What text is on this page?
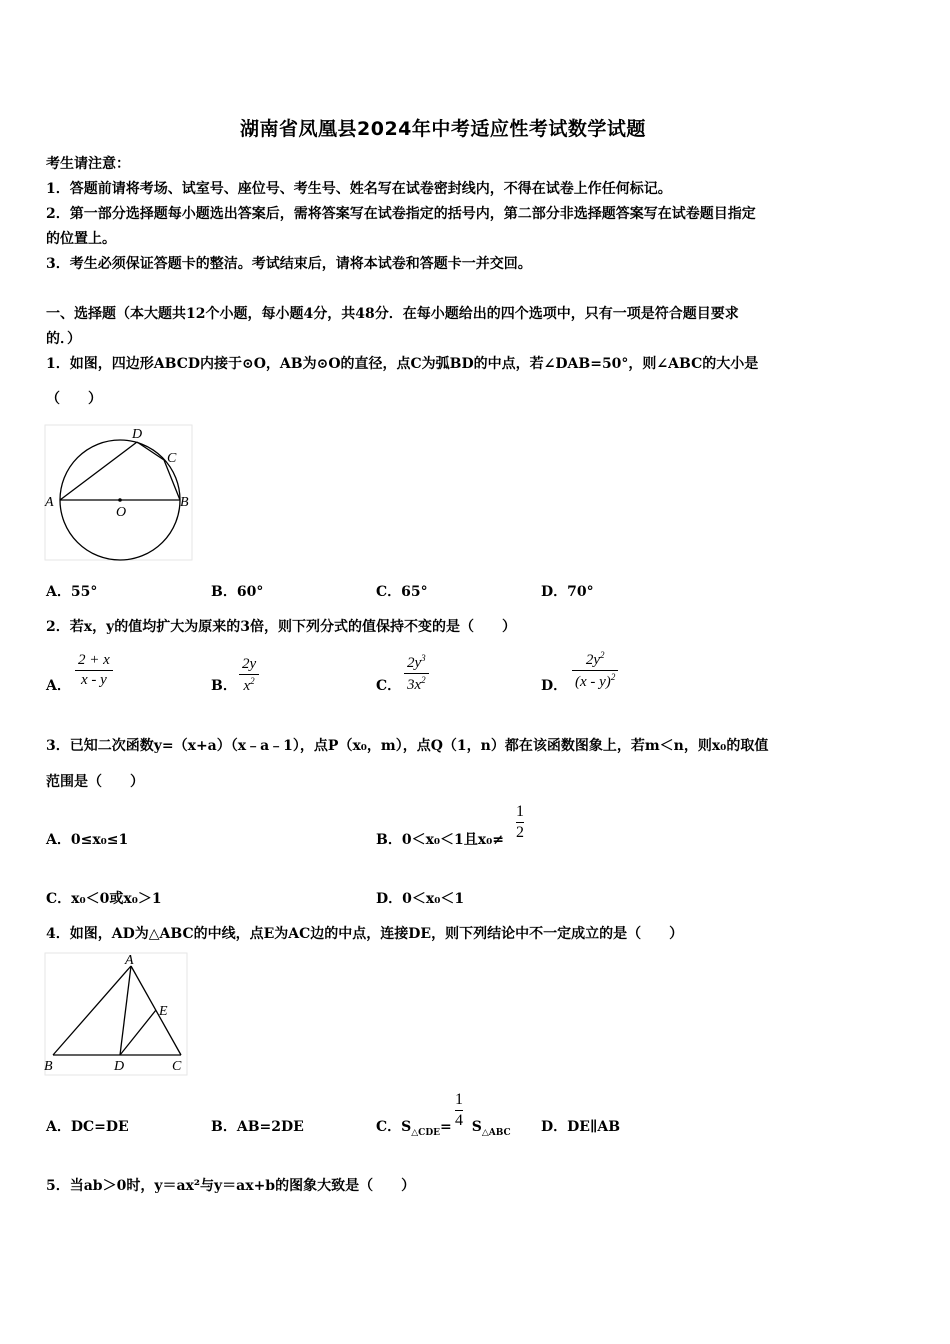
湖南省凤凰县2024年中考适应性考试数学试题
考生请注意：
1．答题前请将考场、试室号、座位号、考生号、姓名写在试卷密封线内，不得在试卷上作任何标记。
2．第一部分选择题每小题选出答案后，需将答案写在试卷指定的括号内，第二部分非选择题答案写在试卷题目指定
的位置上。
3．考生必须保证答题卡的整洁。考试结束后，请将本试卷和答题卡一并交回。
一、选择题（本大题共12个小题，每小题4分，共48分．在每小题给出的四个选项中，只有一项是符合题目要求
的．）
1．如图，四边形ABCD内接于⊙O，AB为⊙O的直径，点C为弧BD的中点，若∠DAB=50°，则∠ABC的大小是
（　　）
A	B
C
D
O
A．55°	B．60°	C．65°	D．70°
2．若x，y的值均扩大为原来的3倍，则下列分式的值保持不变的是（　　）
A．
2 + x
x - y	B．
2y
$x^2$	C．
$2y^3$
$3x^2$	D．
$2y^2$
(x - y)$^2$
3．已知二次函数y=（x+a）（x﹣a﹣1），点P（x₀，m），点Q（1，n）都在该函数图象上，若m＜n，则x₀的取值
范围是（　　）
A．0≤x₀≤1	B．0＜x₀＜1且x₀≠
1
2
C．x₀＜0或x₀＞1	D．0＜x₀＜1
4．如图，AD为△ABC的中线，点E为AC边的中点，连接DE，则下列结论中不一定成立的是（　　）
A
B	C
D
E
A．DC=DE	B．AB=2DE	C．$S_{\triangle CDE}= S_{\triangle ABC}$
1
4	D．DE∥AB
5．当ab＞0时，y＝ax²与y＝ax+b的图象大致是（　　）
